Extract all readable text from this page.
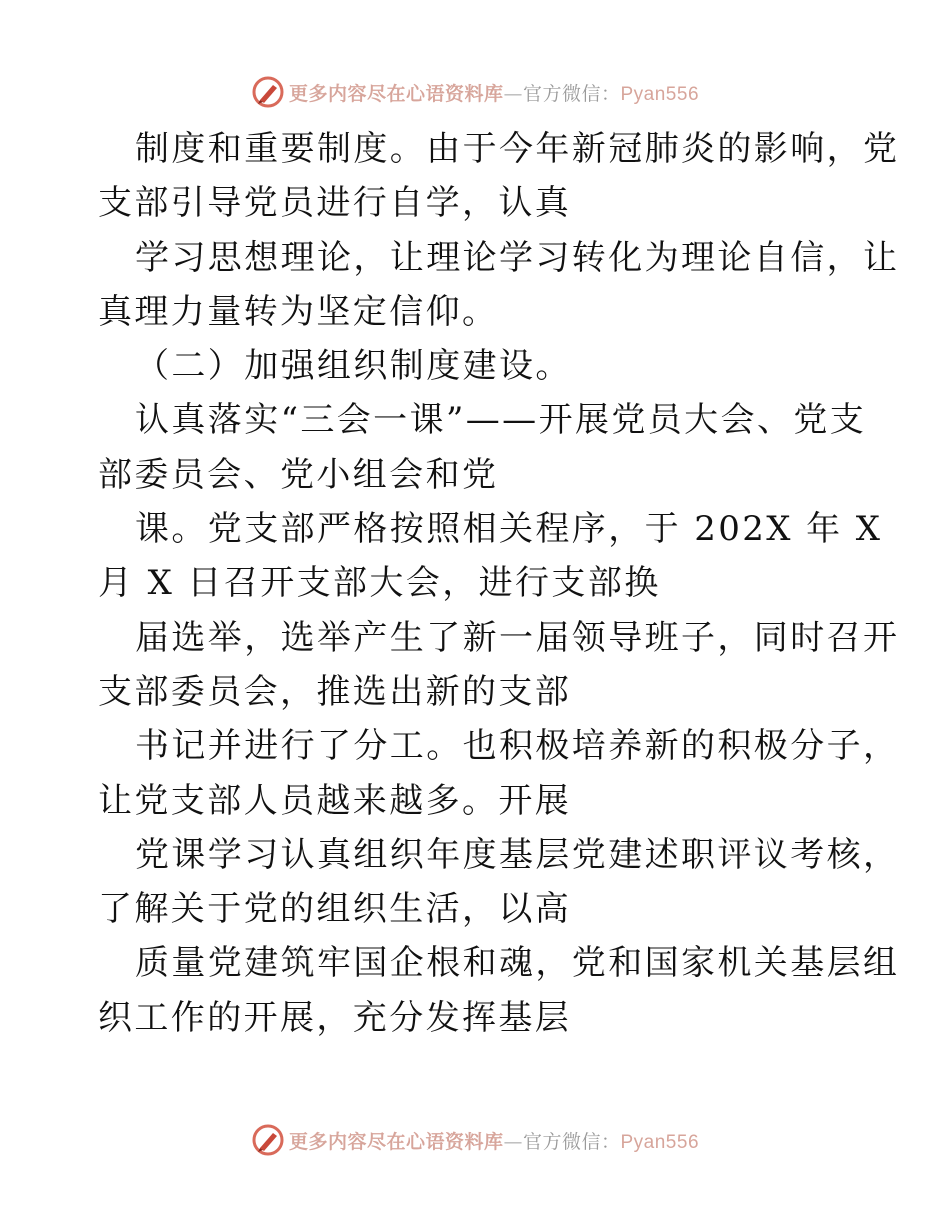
更多内容尽在心语资料库—官方微信：Pyan556
制度和重要制度。由于今年新冠肺炎的影响，党
支部引导党员进行自学，认真
学习思想理论，让理论学习转化为理论自信，让
真理力量转为坚定信仰。
（二）加强组织制度建设。
认真落实“三会一课”——开展党员大会、党支
部委员会、党小组会和党
课。党支部严格按照相关程序，于 202X 年 X
月 X 日召开支部大会，进行支部换
届选举，选举产生了新一届领导班子，同时召开
支部委员会，推选出新的支部
书记并进行了分工。也积极培养新的积极分子，
让党支部人员越来越多。开展
党课学习认真组织年度基层党建述职评议考核，
了解关于党的组织生活，以高
质量党建筑牢国企根和魂，党和国家机关基层组
织工作的开展，充分发挥基层
更多内容尽在心语资料库—官方微信：Pyan556
